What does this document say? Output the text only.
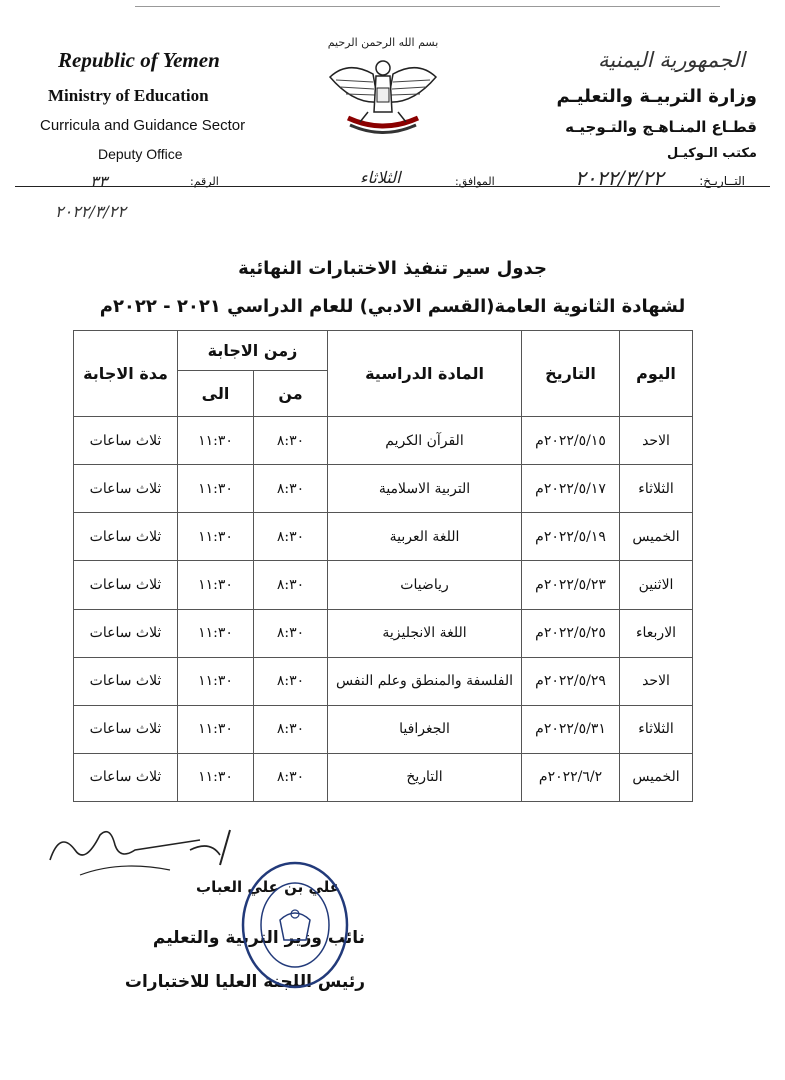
Republic of Yemen
Ministry of Education
Curricula and Guidance Sector
Deputy Office
الجمهورية اليمنية
وزارة التربيـة والتعليـم
قطـاع المنـاهـج والتـوجيـه
مكتب الـوكيـل
التــاريـخ:
بسم الله الرحمن الرحيم
٢٠٢٢/٣/٢٢
الموافق:
الثلاثاء
الرقم:
٣٣
٢٠٢٢/٣/٢٢
جدول سير تنفيذ الاختبارات النهائية
لشهادة الثانوية العامة(القسم الادبي) للعام الدراسي ٢٠٢١ - ٢٠٢٢م
اليوم	التاريخ	المادة الدراسية	زمن الاجابة		مدة الاجابة
			من	الى	
الاحد	٢٠٢٢/٥/١٥م	القرآن الكريم	٨:٣٠	١١:٣٠	ثلاث ساعات
الثلاثاء	٢٠٢٢/٥/١٧م	التربية الاسلامية	٨:٣٠	١١:٣٠	ثلاث ساعات
الخميس	٢٠٢٢/٥/١٩م	اللغة العربية	٨:٣٠	١١:٣٠	ثلاث ساعات
الاثنين	٢٠٢٢/٥/٢٣م	رياضيات	٨:٣٠	١١:٣٠	ثلاث ساعات
الاربعاء	٢٠٢٢/٥/٢٥م	اللغة الانجليزية	٨:٣٠	١١:٣٠	ثلاث ساعات
الاحد	٢٠٢٢/٥/٢٩م	الفلسفة والمنطق وعلم النفس	٨:٣٠	١١:٣٠	ثلاث ساعات
الثلاثاء	٢٠٢٢/٥/٣١م	الجغرافيا	٨:٣٠	١١:٣٠	ثلاث ساعات
الخميس	٢٠٢٢/٦/٢م	التاريخ	٨:٣٠	١١:٣٠	ثلاث ساعات
علي بن علي العباب
نائب وزير التربية والتعليم
رئيس اللجنة العليا للاختبارات
